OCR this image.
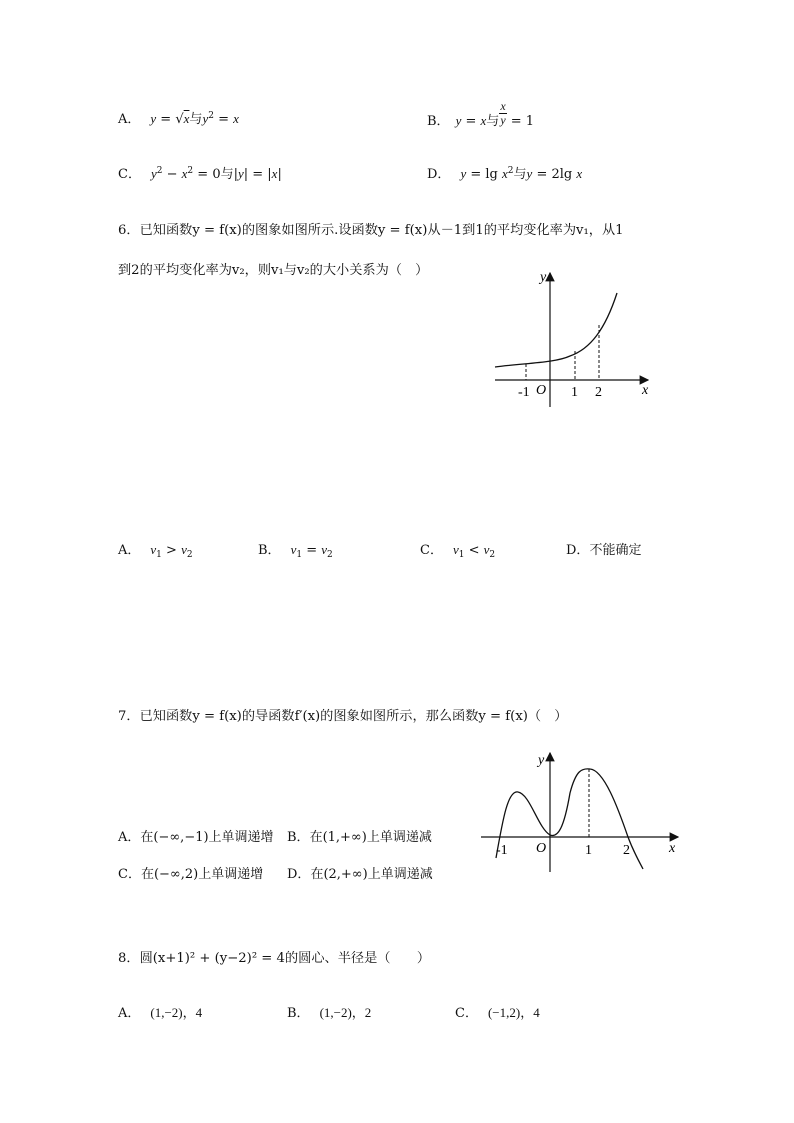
A． y = √x与$y^2 = x$	B． y = x与 $\frac{x}{y} = 1$
C． $y^2 - x^2 = 0$与|y| = |x|	D． $y = \lg x^2$与y = 2lg x
6．已知函数y = f(x)的图象如图所示.设函数y = f(x)从－1到1的平均变化率为v₁，从1
到2的平均变化率为v₂，则v₁与v₂的大小关系为（　）	y
x
O
-1	1 2
A． $v_1 > v_2$	B． $v_1 = v_2$	C． $v_1 < v_2$	D．不能确定
7．已知函数y = f(x)的导函数f′(x)的图象如图所示，那么函数y = f(x)（　）
y
x
O
-1	1 2
A．在(−∞,−1)上单调递增 B．在(1,+∞)上单调递减
C．在(−∞,2)上单调递增 D．在(2,+∞)上单调递减
8．圆(x+1)² + (y−2)² = 4的圆心、半径是（　　）
A． (1,−2)，4	B． (1,−2)，2	C． (−1,2)，4
